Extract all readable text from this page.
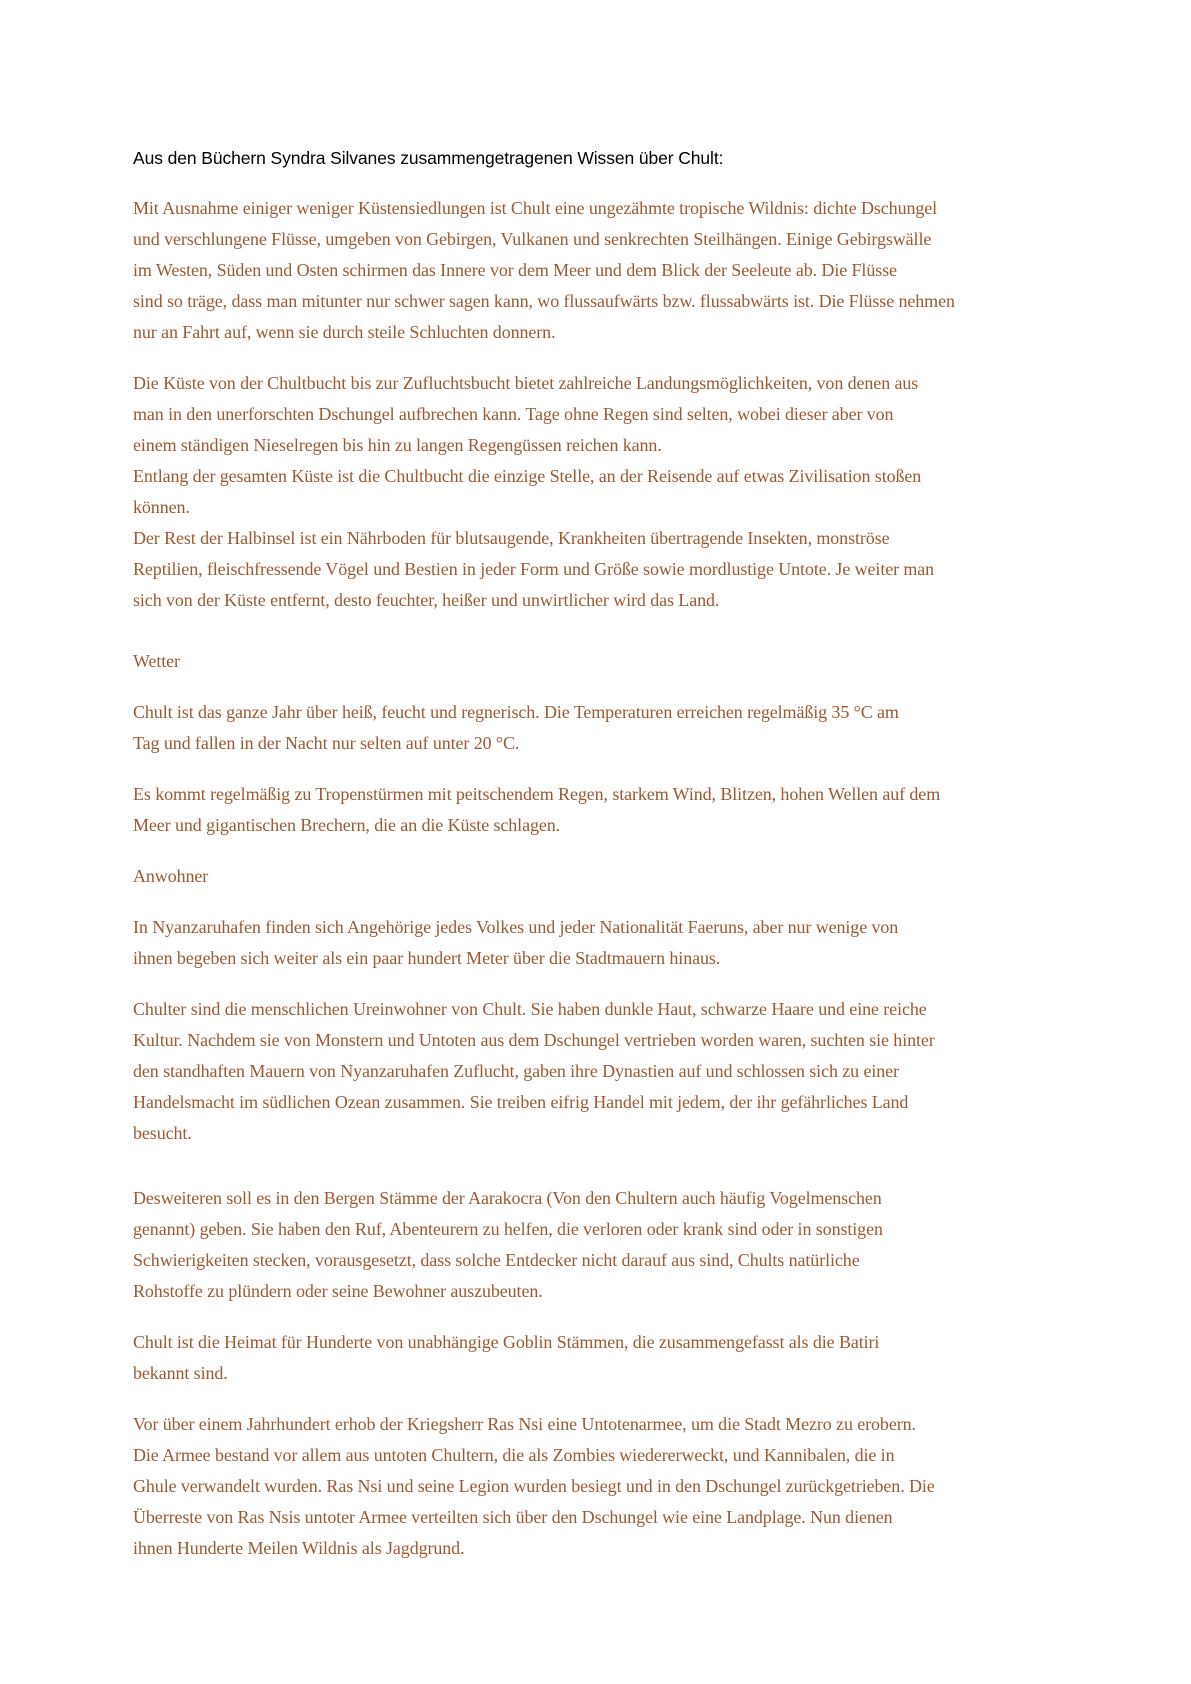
Aus den Büchern Syndra Silvanes zusammengetragenen Wissen über Chult:
Mit Ausnahme einiger weniger Küstensiedlungen ist Chult eine ungezähmte tropische Wildnis: dichte Dschungel
und verschlungene Flüsse, umgeben von Gebirgen, Vulkanen und senkrechten Steilhängen. Einige Gebirgswälle
im Westen, Süden und Osten schirmen das Innere vor dem Meer und dem Blick der Seeleute ab. Die Flüsse
sind so träge, dass man mitunter nur schwer sagen kann, wo flussaufwärts bzw. flussabwärts ist. Die Flüsse nehmen
nur an Fahrt auf, wenn sie durch steile Schluchten donnern.
Die Küste von der Chultbucht bis zur Zufluchtsbucht bietet zahlreiche Landungsmöglichkeiten, von denen aus
man in den unerforschten Dschungel aufbrechen kann. Tage ohne Regen sind selten, wobei dieser aber von
einem ständigen Nieselregen bis hin zu langen Regengüssen reichen kann.
Entlang der gesamten Küste ist die Chultbucht die einzige Stelle, an der Reisende auf etwas Zivilisation stoßen
können.
Der Rest der Halbinsel ist ein Nährboden für blutsaugende, Krankheiten übertragende Insekten, monströse
Reptilien, fleischfressende Vögel und Bestien in jeder Form und Größe sowie mordlustige Untote. Je weiter man
sich von der Küste entfernt, desto feuchter, heißer und unwirtlicher wird das Land.
Wetter
Chult ist das ganze Jahr über heiß, feucht und regnerisch. Die Temperaturen erreichen regelmäßig 35 °C am
Tag und fallen in der Nacht nur selten auf unter 20 °C.
Es kommt regelmäßig zu Tropenstürmen mit peitschendem Regen, starkem Wind, Blitzen, hohen Wellen auf dem
Meer und gigantischen Brechern, die an die Küste schlagen.
Anwohner
In Nyanzaruhafen finden sich Angehörige jedes Volkes und jeder Nationalität Faeruns, aber nur wenige von
ihnen begeben sich weiter als ein paar hundert Meter über die Stadtmauern hinaus.
Chulter sind die menschlichen Ureinwohner von Chult. Sie haben dunkle Haut, schwarze Haare und eine reiche
Kultur. Nachdem sie von Monstern und Untoten aus dem Dschungel vertrieben worden waren, suchten sie hinter
den standhaften Mauern von Nyanzaruhafen Zuflucht, gaben ihre Dynastien auf und schlossen sich zu einer
Handelsmacht im südlichen Ozean zusammen. Sie treiben eifrig Handel mit jedem, der ihr gefährliches Land
besucht.
Desweiteren soll es in den Bergen Stämme der Aarakocra (Von den Chultern auch häufig Vogelmenschen
genannt) geben. Sie haben den Ruf, Abenteurern zu helfen, die verloren oder krank sind oder in sonstigen
Schwierigkeiten stecken, vorausgesetzt, dass solche Entdecker nicht darauf aus sind, Chults natürliche
Rohstoffe zu plündern oder seine Bewohner auszubeuten.
Chult ist die Heimat für Hunderte von unabhängige Goblin Stämmen, die zusammengefasst als die Batiri
bekannt sind.
Vor über einem Jahrhundert erhob der Kriegsherr Ras Nsi eine Untotenarmee, um die Stadt Mezro zu erobern.
Die Armee bestand vor allem aus untoten Chultern, die als Zombies wiedererweckt, und Kannibalen, die in
Ghule verwandelt wurden. Ras Nsi und seine Legion wurden besiegt und in den Dschungel zurückgetrieben. Die
Überreste von Ras Nsis untoter Armee verteilten sich über den Dschungel wie eine Landplage. Nun dienen
ihnen Hunderte Meilen Wildnis als Jagdgrund.
